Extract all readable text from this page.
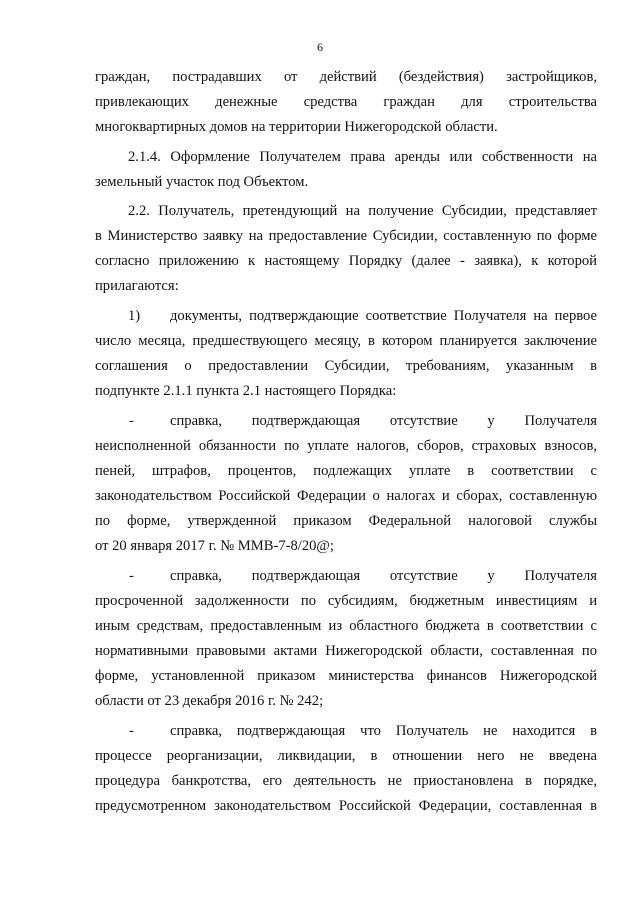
6
граждан, пострадавших от действий (бездействия) застройщиков,
привлекающих денежные средства граждан для строительства
многоквартирных домов на территории Нижегородской области.
2.1.4. Оформление Получателем права аренды или собственности на
земельный участок под Объектом.
2.2. Получатель, претендующий на получение Субсидии, представляет
в Министерство заявку на предоставление Субсидии, составленную по форме
согласно приложению к настоящему Порядку (далее - заявка), к которой
прилагаются:
1)	документы, подтверждающие соответствие Получателя на первое
число месяца, предшествующего месяцу, в котором планируется заключение
соглашения о предоставлении Субсидии, требованиям, указанным в
подпункте 2.1.1 пункта 2.1 настоящего Порядка:
-	справка, подтверждающая отсутствие у Получателя
неисполненной обязанности по уплате налогов, сборов, страховых взносов,
пеней, штрафов, процентов, подлежащих уплате в соответствии с
законодательством Российской Федерации о налогах и сборах, составленную
по форме, утвержденной приказом Федеральной налоговой службы
от 20 января 2017 г. № ММВ-7-8/20@;
-	справка, подтверждающая отсутствие у Получателя
просроченной задолженности по субсидиям, бюджетным инвестициям и
иным средствам, предоставленным из областного бюджета в соответствии с
нормативными правовыми актами Нижегородской области, составленная по
форме, установленной приказом министерства финансов Нижегородской
области от 23 декабря 2016 г. № 242;
-	справка, подтверждающая что Получатель не находится в
процессе реорганизации, ликвидации, в отношении него не введена
процедура банкротства, его деятельность не приостановлена в порядке,
предусмотренном законодательством Российской Федерации, составленная в
